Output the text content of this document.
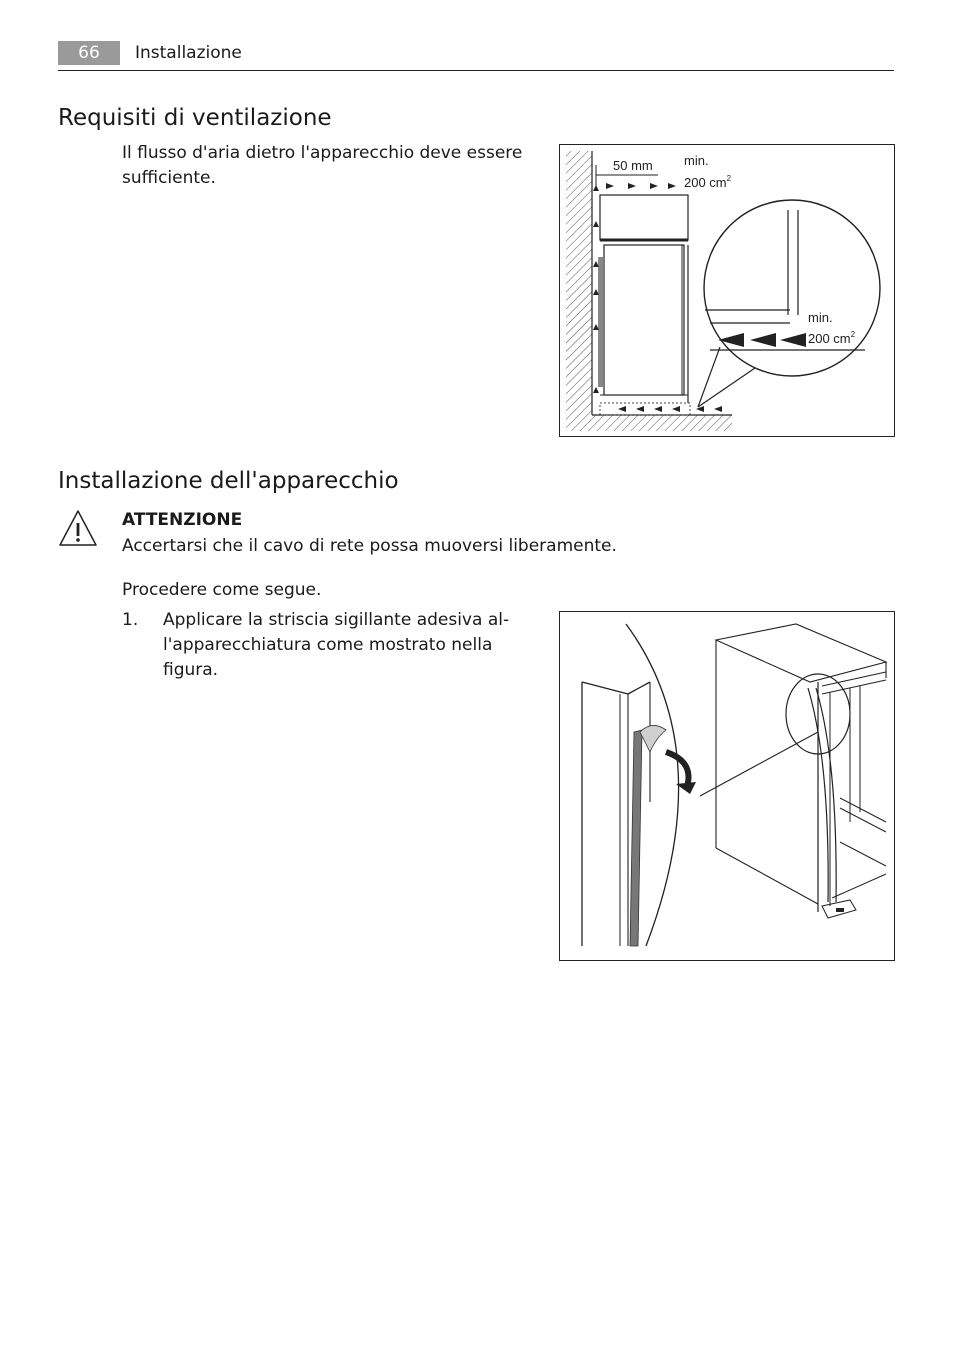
66	Installazione
Requisiti di ventilazione
Il flusso d'aria dietro l'apparecchio deve essere
sufficiente.
50 mm min.
200 $cm^2$
min.
200 $cm^2$
Installazione dell'apparecchio
ATTENZIONE
Accertarsi che il cavo di rete possa muoversi liberamente.
Procedere come segue.
1. Applicare la striscia sigillante adesiva al-
l'apparecchiatura come mostrato nella
figura.
